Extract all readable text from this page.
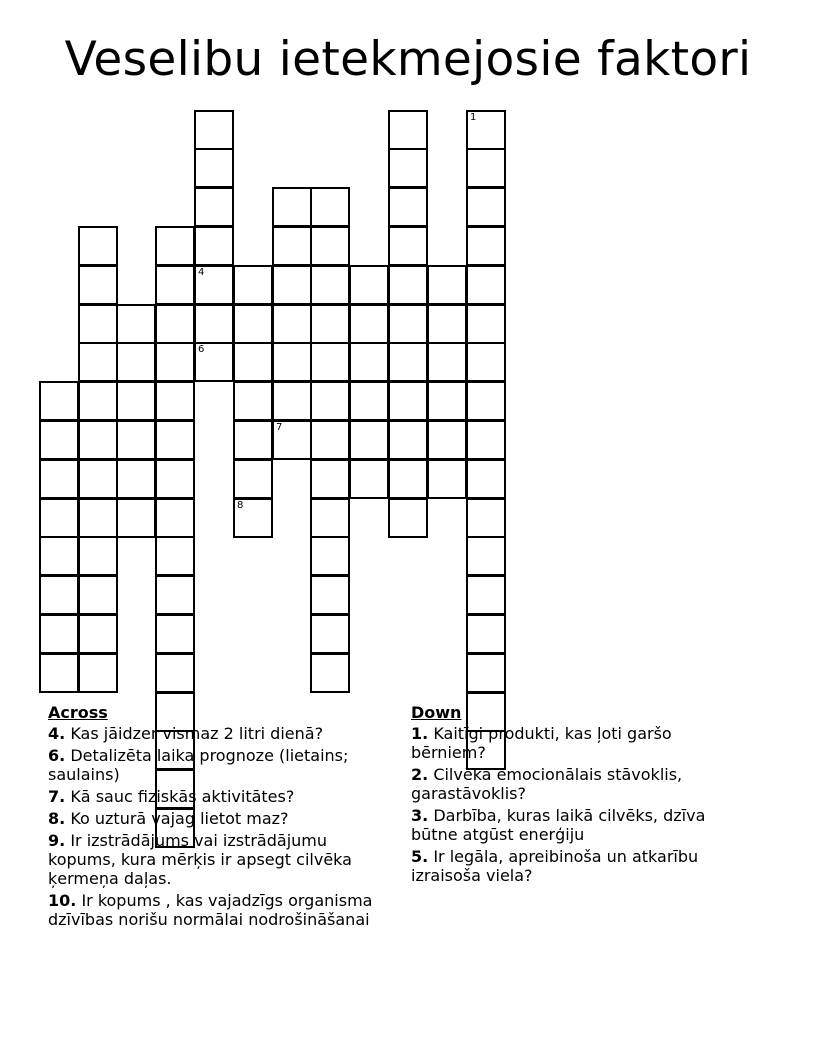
Veselibu ietekmejosie faktori
4
6
8
7
1
Across
4. Kas jāidzer vismaz 2 litri dienā?
6. Detalizēta laika prognoze (lietains; saulains)
7. Kā sauc fiziskās aktivitātes?
8. Ko uzturā vajag lietot maz?
9. Ir izstrādājums vai izstrādājumu kopums, kura mērķis ir apsegt cilvēka ķermeņa daļas.
10. Ir kopums , kas vajadzīgs organisma dzīvības norišu normālai nodrošināšanai
Down
1. Kaitīgi produkti, kas ļoti garšo bērniem?
2. Cilvēka emocionālais stāvoklis, garastāvoklis?
3. Darbība, kuras laikā cilvēks, dzīva būtne atgūst enerģiju
5. Ir legāla, apreibinoša un atkarību izraisoša viela?
